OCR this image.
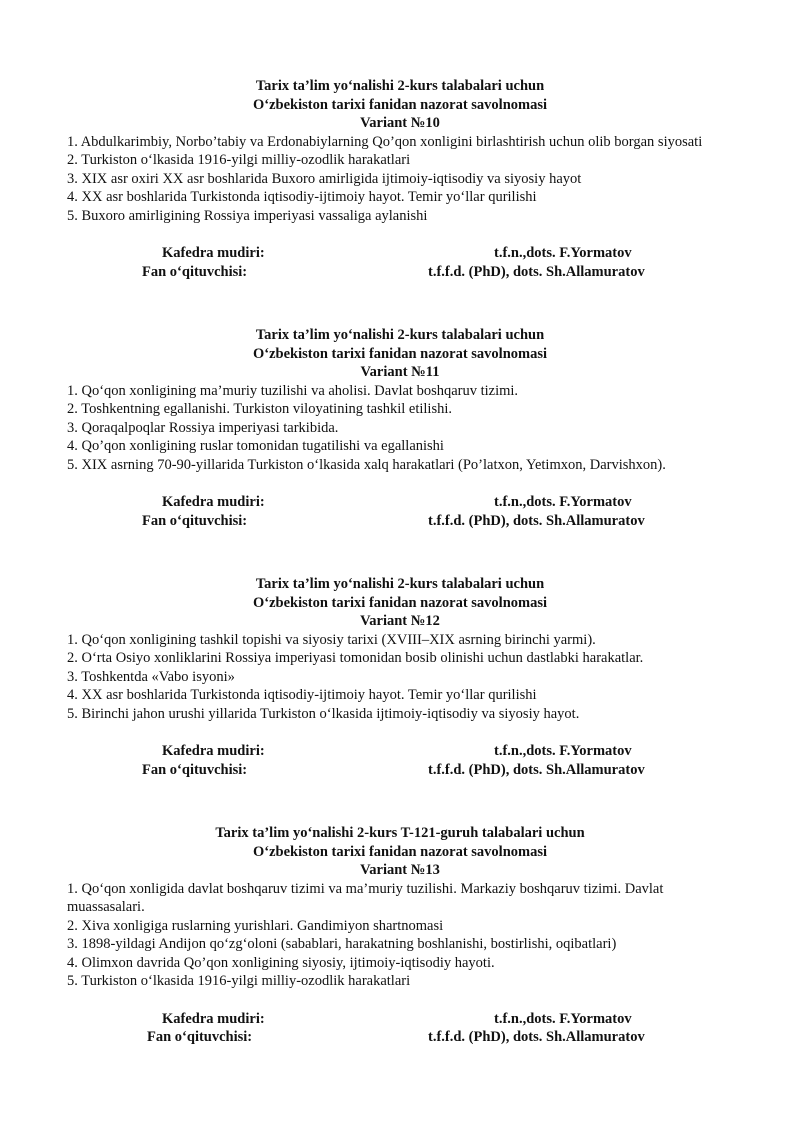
Tarix ta’lim yo‘nalishi 2-kurs talabalari uchun
O‘zbekiston tarixi fanidan nazorat savolnomasi
Variant №10

1. Abdulkarimbiy, Norbo’tabiy va Erdonabiylarning Qo’qon xonligini birlashtirish uchun olib borgan siyosati

2. Turkiston o‘lkasida 1916-yilgi milliy-ozodlik harakatlari

3. XIX asr oxiri XX asr boshlarida Buxoro amirligida ijtimoiy-iqtisodiy va siyosiy hayot

4. XX asr boshlarida Turkistonda iqtisodiy-ijtimoiy hayot. Temir yo‘llar qurilishi

5. Buxoro amirligining Rossiya imperiyasi vassaliga aylanishi

Kafedra mudiri:	t.f.n.,dots. F.Yormatov
Fan o‘qituvchisi:	t.f.f.d. (PhD), dots. Sh.Allamuratov
Tarix ta’lim yo‘nalishi 2-kurs talabalari uchun
O‘zbekiston tarixi fanidan nazorat savolnomasi
Variant №11

1. Qo‘qon xonligining ma’muriy tuzilishi va aholisi. Davlat boshqaruv tizimi.

2. Toshkentning egallanishi. Turkiston viloyatining tashkil etilishi.

3. Qoraqalpoqlar Rossiya imperiyasi tarkibida.

4. Qo’qon xonligining ruslar tomonidan tugatilishi va egallanishi

5. XIX asrning 70-90-yillarida Turkiston o‘lkasida xalq harakatlari (Po’latxon, Yetimxon, Darvishxon).

Kafedra mudiri:	t.f.n.,dots. F.Yormatov
Fan o‘qituvchisi:	t.f.f.d. (PhD), dots. Sh.Allamuratov
Tarix ta’lim yo‘nalishi 2-kurs talabalari uchun
O‘zbekiston tarixi fanidan nazorat savolnomasi
Variant №12

1. Qo‘qon xonligining tashkil topishi va siyosiy tarixi (XVIII–XIX asrning birinchi yarmi).

2. O‘rta Osiyo xonliklarini Rossiya imperiyasi tomonidan bosib olinishi uchun dastlabki harakatlar.

3. Toshkentda «Vabo isyoni»

4. XX asr boshlarida Turkistonda iqtisodiy-ijtimoiy hayot. Temir yo‘llar qurilishi

5. Birinchi jahon urushi yillarida Turkiston o‘lkasida ijtimoiy-iqtisodiy va siyosiy hayot.

Kafedra mudiri:	t.f.n.,dots. F.Yormatov
Fan o‘qituvchisi:	t.f.f.d. (PhD), dots. Sh.Allamuratov
Tarix ta’lim yo‘nalishi 2-kurs T-121-guruh talabalari uchun
O‘zbekiston tarixi fanidan nazorat savolnomasi
Variant №13

1. Qo‘qon xonligida davlat boshqaruv tizimi va ma’muriy tuzilishi. Markaziy boshqaruv tizimi. Davlat muassasalari.

2. Xiva xonligiga ruslarning yurishlari. Gandimiyon shartnomasi

3. 1898-yildagi Andijon qo‘zg‘oloni (sabablari, harakatning boshlanishi, bostirlishi, oqibatlari)

4. Olimxon davrida Qo’qon xonligining siyosiy, ijtimoiy-iqtisodiy hayoti.

5. Turkiston o‘lkasida 1916-yilgi milliy-ozodlik harakatlari

Kafedra mudiri:	t.f.n.,dots. F.Yormatov
Fan o‘qituvchisi:	t.f.f.d. (PhD), dots. Sh.Allamuratov
